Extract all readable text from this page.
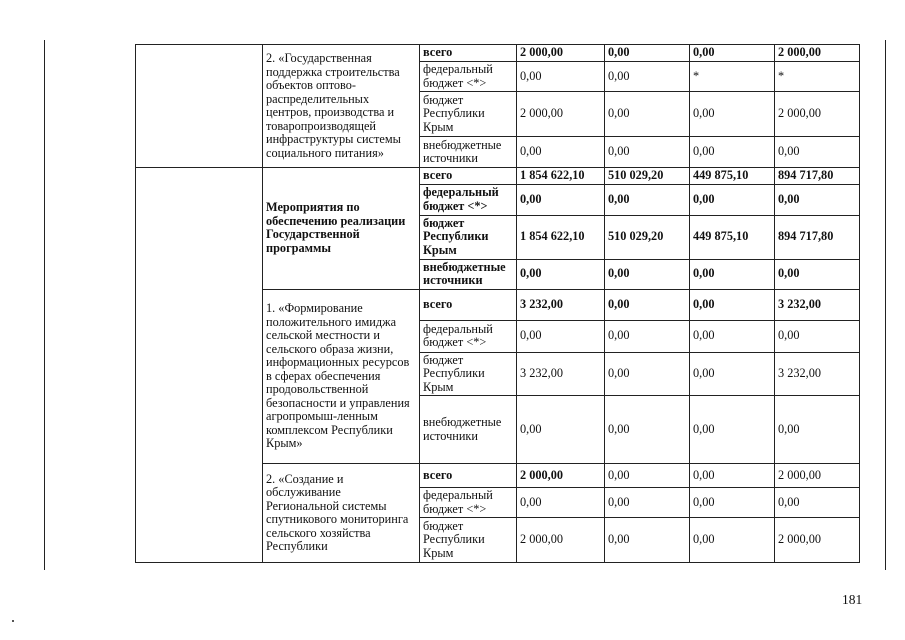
	2. «Государственная поддержка строительства объектов оптово-распределительных центров, производства и товаропроизводящей инфраструктуры системы социального питания»	всего	2 000,00	0,00	0,00	2 000,00
		федеральный бюджет <*>	0,00	0,00	*	*
		бюджет Республики Крым	2 000,00	0,00	0,00	2 000,00
		внебюджетные источники	0,00	0,00	0,00	0,00
	Мероприятия по обеспечению реализации Государственной программы	всего	1 854 622,10	510 029,20	449 875,10	894 717,80
		федеральный бюджет <*>	0,00	0,00	0,00	0,00
		бюджет Республики Крым	1 854 622,10	510 029,20	449 875,10	894 717,80
		внебюджетные источники	0,00	0,00	0,00	0,00
	1. «Формирование положительного имиджа сельской местности и сельского образа жизни, информационных ресурсов в сферах обеспечения продовольственной безопасности и управления агропромыш-ленным комплексом Республики Крым»	всего	3 232,00	0,00	0,00	3 232,00
		федеральный бюджет <*>	0,00	0,00	0,00	0,00
		бюджет Республики Крым	3 232,00	0,00	0,00	3 232,00
		внебюджетные источники	0,00	0,00	0,00	0,00
	2. «Создание и обслуживание Региональной системы спутникового мониторинга сельского хозяйства Республики	всего	2 000,00	0,00	0,00	2 000,00
		федеральный бюджет <*>	0,00	0,00	0,00	0,00
		бюджет Республики Крым	2 000,00	0,00	0,00	2 000,00
181
